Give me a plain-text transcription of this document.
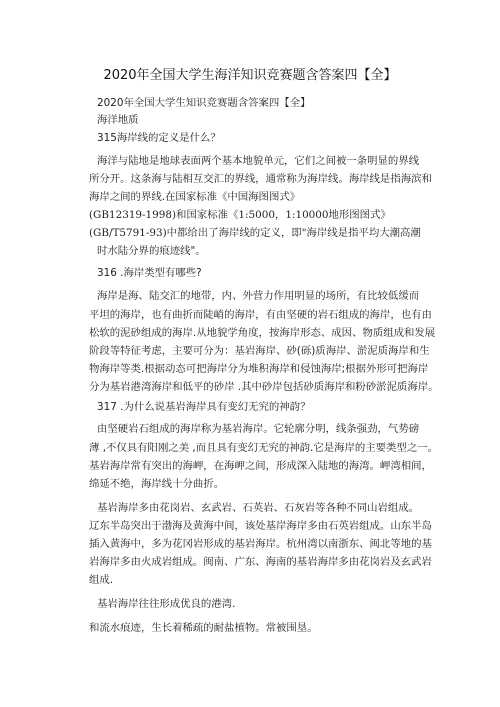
2020年全国大学生海洋知识竞赛题含答案四【全】
2020年全国大学生知识竞赛题含答案四【全】
海洋地质
315海岸线的定义是什么？
海洋与陆地是地球表面两个基本地貌单元，它们之间被一条明显的界线
所分开。这条海与陆相互交汇的界线，通常称为海岸线。海岸线是指海滨和
海岸之间的界线.在国家标准《中国海图图式》
(GB12319-1998)和国家标准《1:5000，1:10000地形图图式》
(GB/T5791-93)中都给出了海岸线的定义，即"海岸线是指平均大潮高潮
时水陆分界的痕迹线"。
316 .海岸类型有哪些?
海岸是海、陆交汇的地带，内、外营力作用明显的场所，有比较低缓而
平坦的海岸，也有曲折而陡峭的海岸，有由坚硬的岩石组成的海岸，也有由
松软的泥砂组成的海岸.从地貌学角度，按海岸形态、成因、物质组成和发展
阶段等特征考虑，主要可分为：基岩海岸、砂(砾)质海岸、淤泥质海岸和生
物海岸等类.根据动态可把海岸分为堆积海岸和侵蚀海岸;根据外形可把海岸
分为基岩港湾海岸和低平的砂岸 .其中砂岸包括砂质海岸和粉砂淤泥质海岸。
317 .为什么说基岩海岸具有变幻无究的神韵？
由坚硬岩石组成的海岸称为基岩海岸。它轮廓分明，线条强劲，气势磅
薄 ,不仅具有阳刚之美 ,而且具有变幻无究的神韵.它是海岸的主要类型之一。
基岩海岸常有突出的海岬，在海岬之间，形成深入陆地的海湾。岬湾相间，
绵延不绝，海岸线十分曲折。
基岩海岸多由花岗岩、玄武岩、石英岩、石灰岩等各种不同山岩组成。
辽东半岛突出于渤海及黄海中间，该处基岸海岸多由石英岩组成。山东半岛
插入黄海中，多为花冈岩形成的基岩海岸。杭州湾以南浙东、闽北等地的基
岩海岸多由火成岩组成。闽南、广东、海南的基岩海岸多由花岗岩及玄武岩
组成.
基岩海岸往往形成优良的港湾.
和流水痕迹，生长着稀疏的耐盐植物。常被围垦。
